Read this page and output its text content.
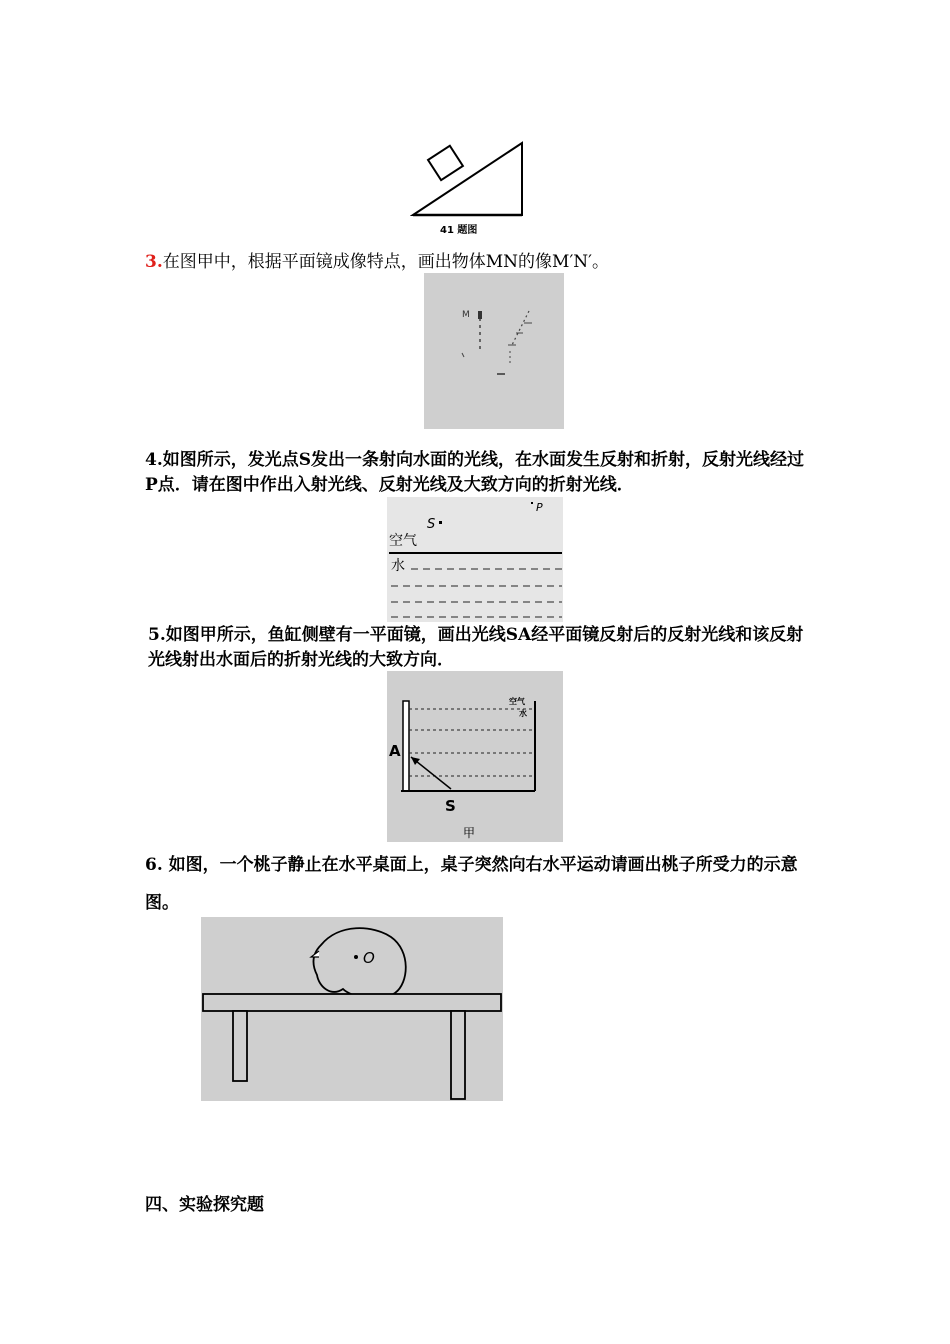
41 题图
3.在图甲中，根据平面镜成像特点，画出物体MN的像M′N′。
M
4.如图所示，发光点S发出一条射向水面的光线，在水面发生反射和折射，反射光线经过P点．请在图中作出入射光线、反射光线及大致方向的折射光线．
S
P
空气
水
5.如图甲所示，鱼缸侧壁有一平面镜，画出光线SA经平面镜反射后的反射光线和该反射光线射出水面后的折射光线的大致方向．
空气
水
A
S
甲
6. 如图，一个桃子静止在水平桌面上，桌子突然向右水平运动请画出桃子所受力的示意图。
O
四、实验探究题
